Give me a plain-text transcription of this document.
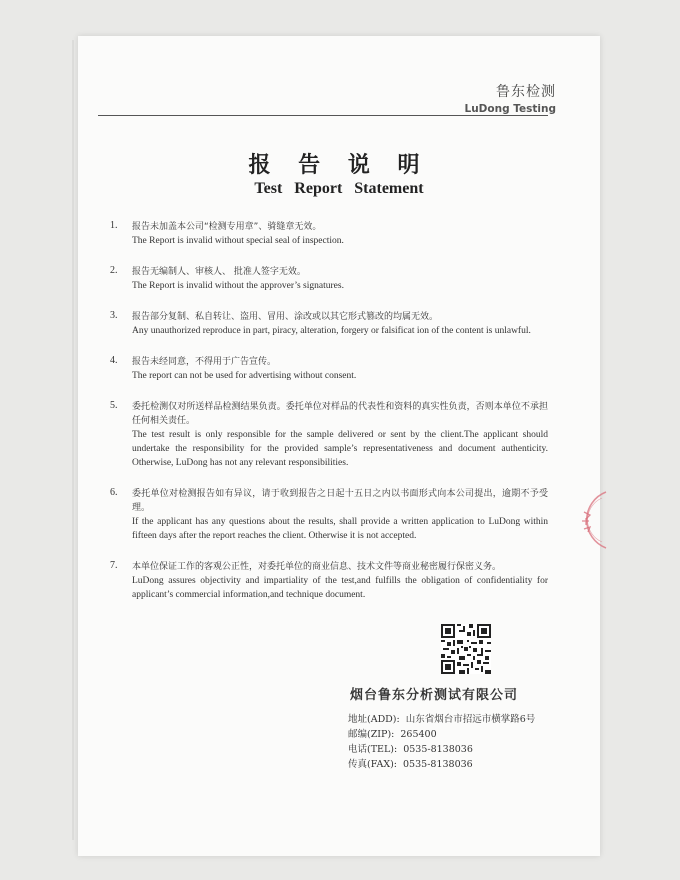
鲁东检测
LuDong Testing
报 告 说 明
Test Report Statement
1. 报告未加盖本公司“检测专用章”、骑缝章无效。
The Report is invalid without special seal of inspection.
2. 报告无编制人、审核人、 批准人签字无效。
The Report is invalid without the approver’s signatures.
3. 报告部分复制、私自转让、盗用、冒用、涂改或以其它形式篡改的均属无效。
Any unauthorized reproduce in part, piracy, alteration, forgery or falsificat ion of the content is unlawful.
4. 报告未经同意，不得用于广告宣传。
The report can not be used for advertising without consent.
5. 委托检测仅对所送样品检测结果负责。委托单位对样品的代表性和资料的真实性负责，否则本单位不承担任何相关责任。
The test result is only responsible for the sample delivered or sent by the client.The applicant should undertake the responsibility for the provided sample’s representativeness and document authenticity. Otherwise, LuDong has not any relevant responsibilities.
6. 委托单位对检测报告如有异议，请于收到报告之日起十五日之内以书面形式向本公司提出，逾期不予受理。
If the applicant has any questions about the results, shall provide a written application to LuDong within fifteen days after the report reaches the client. Otherwise it is not accepted.
7. 本单位保证工作的客观公正性，对委托单位的商业信息、技术文件等商业秘密履行保密义务。
LuDong assures objectivity and impartiality of the test,and fulfills the obligation of confidentiality for applicant’s commercial information,and technique document.
烟台鲁东分析测试有限公司
地址(ADD): 山东省烟台市招远市横掌路6号
邮编(ZIP): 265400
电话(TEL): 0535-8138036
传真(FAX): 0535-8138036
